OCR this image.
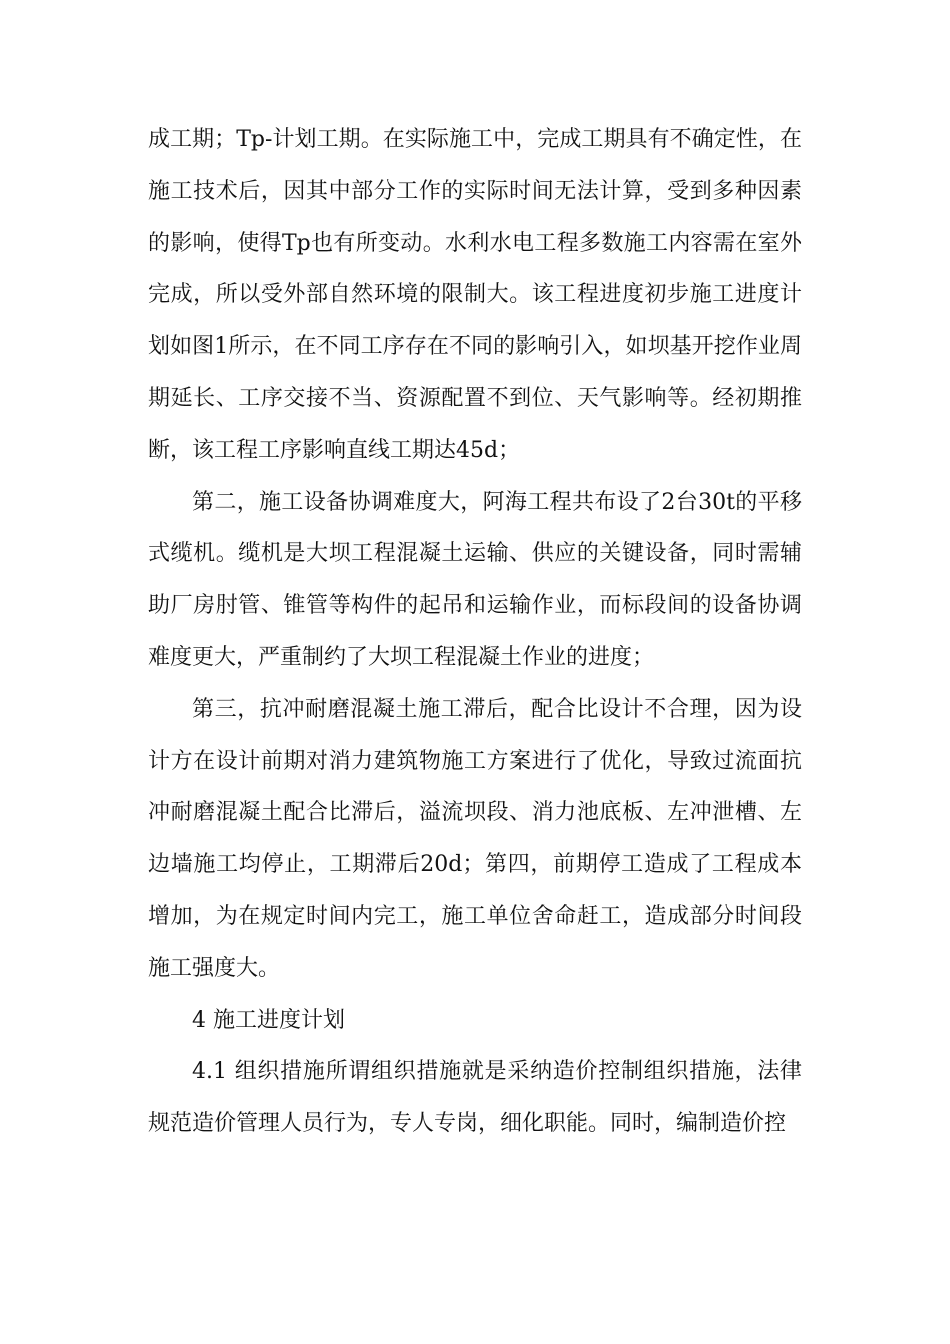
成工期；Tp-计划工期。在实际施工中，完成工期具有不确定性，在施工技术后，因其中部分工作的实际时间无法计算，受到多种因素的影响，使得Tp也有所变动。水利水电工程多数施工内容需在室外完成，所以受外部自然环境的限制大。该工程进度初步施工进度计划如图1所示，在不同工序存在不同的影响引入，如坝基开挖作业周期延长、工序交接不当、资源配置不到位、天气影响等。经初期推断，该工程工序影响直线工期达45d；

第二，施工设备协调难度大，阿海工程共布设了2台30t的平移式缆机。缆机是大坝工程混凝土运输、供应的关键设备，同时需辅助厂房肘管、锥管等构件的起吊和运输作业，而标段间的设备协调难度更大，严重制约了大坝工程混凝土作业的进度；

第三，抗冲耐磨混凝土施工滞后，配合比设计不合理，因为设计方在设计前期对消力建筑物施工方案进行了优化，导致过流面抗冲耐磨混凝土配合比滞后，溢流坝段、消力池底板、左冲泄槽、左边墙施工均停止，工期滞后20d；第四，前期停工造成了工程成本增加，为在规定时间内完工，施工单位舍命赶工，造成部分时间段施工强度大。

4 施工进度计划

4.1 组织措施所谓组织措施就是采纳造价控制组织措施，法律规范造价管理人员行为，专人专岗，细化职能。同时，编制造价控
